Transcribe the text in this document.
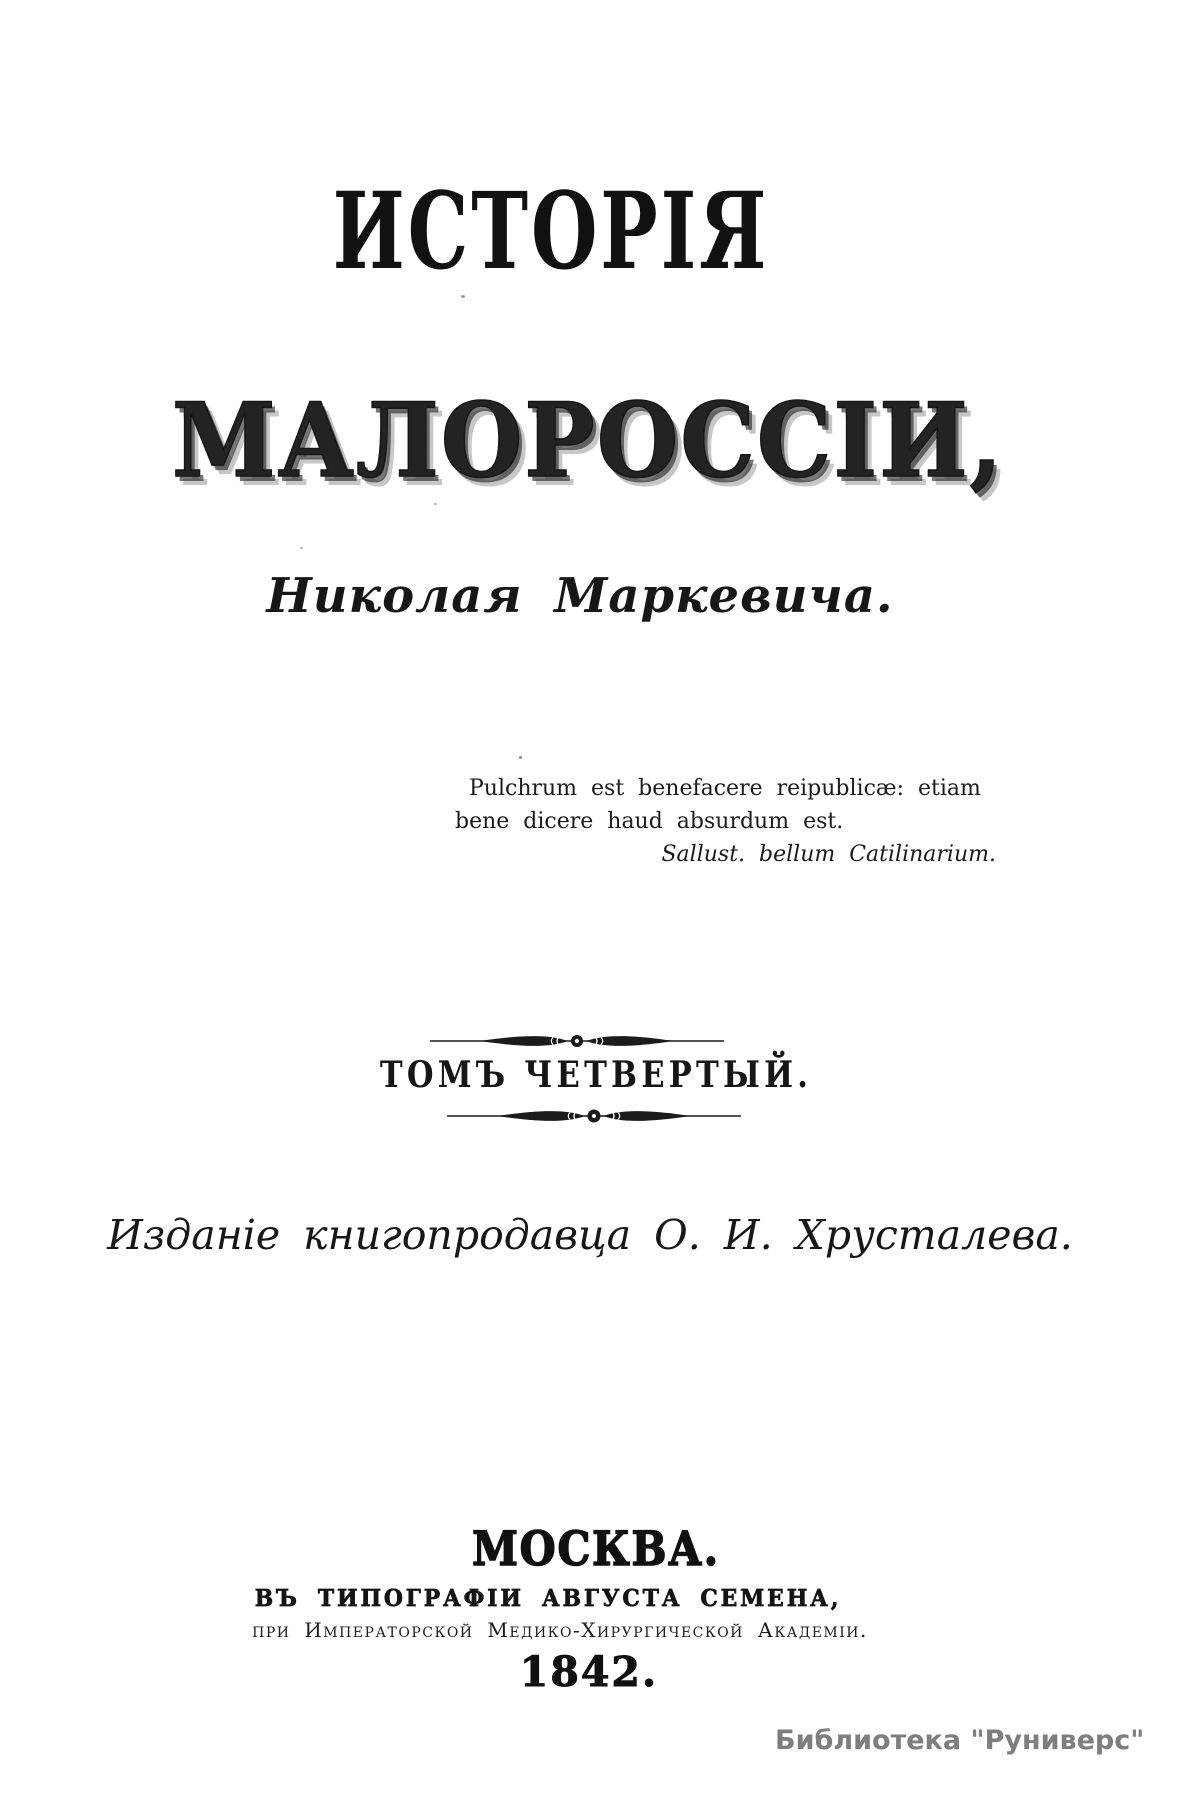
ИСТОРІЯ
МАЛОРОССІИ,
Николая Маркевича.
Pulchrum est benefacere reipublicæ: etiam
bene dicere haud absurdum est.
Sallust. bellum Catilinarium.
ТОМЪ ЧЕТВЕРТЫЙ.
Изданіе книгопродавца О. И. Хрусталева.
МОСКВА.
ВЪ ТИПОГРАФІИ АВГУСТА СЕМЕНА,
при Императорской Медико-Хирургической Академіи.
1842.
Библиотека "Руниверс"
